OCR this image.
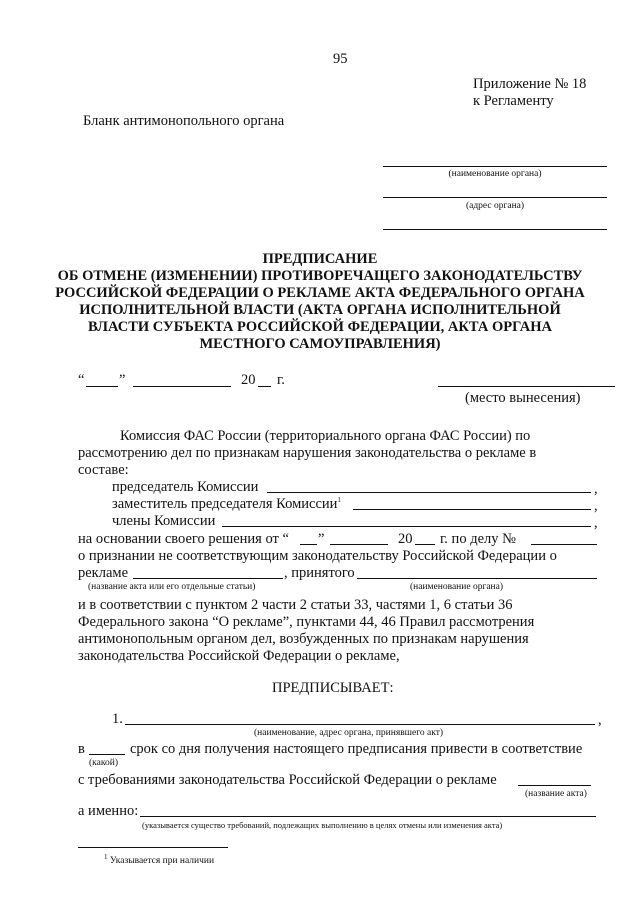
95
Приложение № 18
к Регламенту
Бланк антимонопольного органа
(наименование органа)
(адрес органа)
ПРЕДПИСАНИЕ
ОБ ОТМЕНЕ (ИЗМЕНЕНИИ) ПРОТИВОРЕЧАЩЕГО ЗАКОНОДАТЕЛЬСТВУ
РОССИЙСКОЙ ФЕДЕРАЦИИ О РЕКЛАМЕ АКТА ФЕДЕРАЛЬНОГО ОРГАНА
ИСПОЛНИТЕЛЬНОЙ ВЛАСТИ (АКТА ОРГАНА ИСПОЛНИТЕЛЬНОЙ
ВЛАСТИ СУБЪЕКТА РОССИЙСКОЙ ФЕДЕРАЦИИ, АКТА ОРГАНА
МЕСТНОГО САМОУПРАВЛЕНИЯ)
“ ”	20 г.
(место вынесения)
Комиссия ФАС России (территориального органа ФАС России) по
рассмотрению дел по признакам нарушения законодательства о рекламе в
составе:
председатель Комиссии	,
заместитель председателя Комиссии$^1$	,
члены Комиссии	,
на основании своего решения от “ ”	20 г. по делу №
о признании не соответствующим законодательству Российской Федерации о
рекламе	, принятого
(название акта или его отдельные статьи)	(наименование органа)
и в соответствии с пунктом 2 части 2 статьи 33, частями 1, 6 статьи 36
Федерального закона “О рекламе”, пунктами 44, 46 Правил рассмотрения
антимонопольным органом дел, возбужденных по признакам нарушения
законодательства Российской Федерации о рекламе,
ПРЕДПИСЫВАЕТ:
1.	,
(наименование, адрес органа, принявшего акт)
в	срок со дня получения настоящего предписания привести в соответствие
(какой)
с требованиями законодательства Российской Федерации о рекламе
(название акта)
а именно:
(указывается существо требований, подлежащих выполнению в целях отмены или изменения акта)
$^1$ Указывается при наличии
